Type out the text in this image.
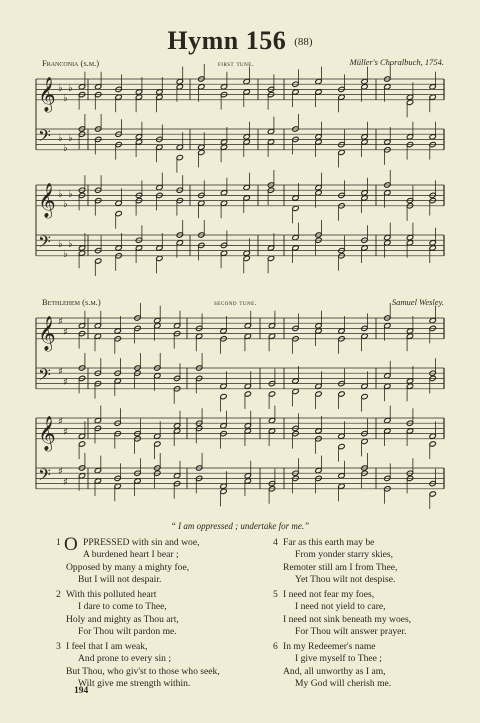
Hymn 156 $^{(88)}$
Franconia (s.m.)	first tune.	Müller's Choralbuch, 1754.
Bethlehem (s.m.)	second tune.	Samuel Wesley.
𝄞 ♭
♭
♭
𝄢 ♭
♭
♭
𝄞 ♭
♭
♭
𝄢 ♭
♭
♭
𝄞 ♯
♯
𝄢 ♯
♯
𝄞 ♯
♯
𝄢 ♯
♯
“ I am oppressed ; undertake for me.”
1 O PPRESSED with sin and woe,
A burdened heart I bear ;
Opposed by many a mighty foe,
But I will not despair.
2 With this polluted heart
I dare to come to Thee,
Holy and mighty as Thou art,
For Thou wilt pardon me.
3 I feel that I am weak,
And prone to every sin ;
But Thou, who giv'st to those who seek,
Wilt give me strength within.
4 Far as this earth may be
From yonder starry skies,
Remoter still am I from Thee,
Yet Thou wilt not despise.
5 I need not fear my foes,
I need not yield to care,
I need not sink beneath my woes,
For Thou wilt answer prayer.
6 In my Redeemer's name
I give myself to Thee ;
And, all unworthy as I am,
My God will cherish me.
194
